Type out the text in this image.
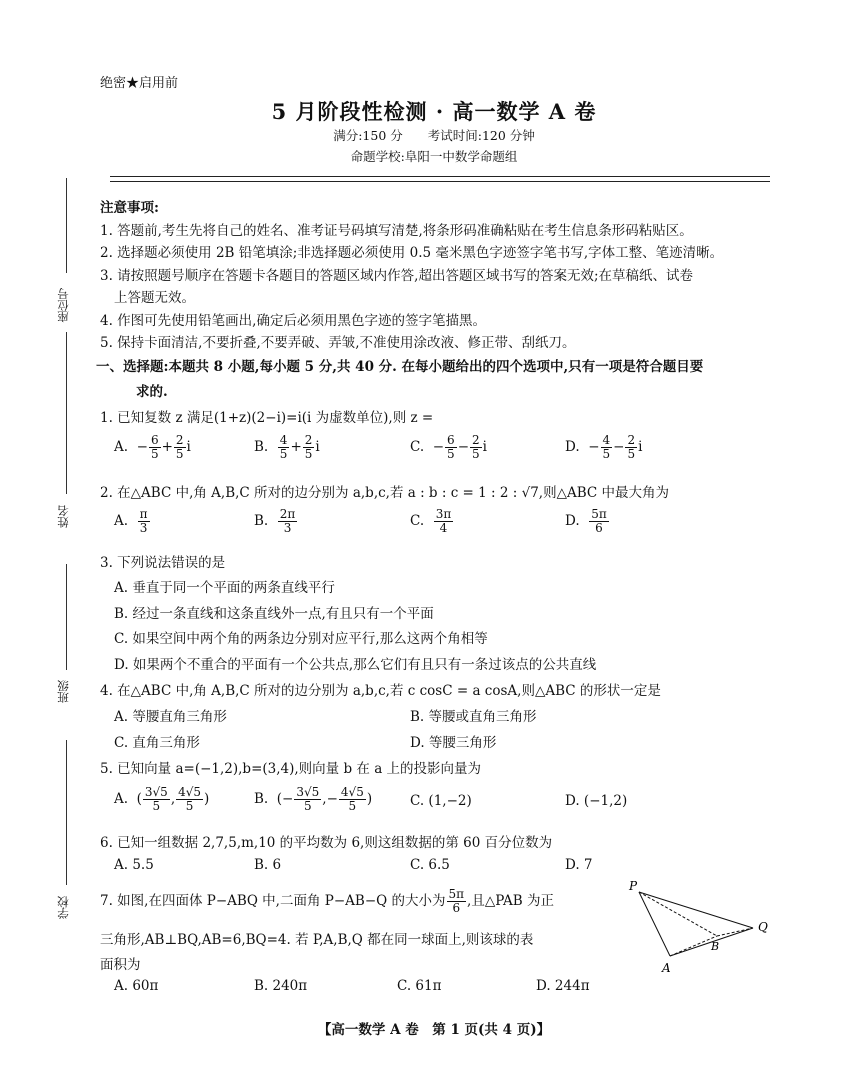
绝密★启用前
5 月阶段性检测 · 高一数学 A 卷
满分:150 分　　考试时间:120 分钟
命题学校:阜阳一中数学命题组
座位号
姓名
班级
学校
注意事项:
1. 答题前,考生先将自己的姓名、准考证号码填写清楚,将条形码准确粘贴在考生信息条形码粘贴区。
2. 选择题必须使用 2B 铅笔填涂;非选择题必须使用 0.5 毫米黑色字迹签字笔书写,字体工整、笔迹清晰。
3. 请按照题号顺序在答题卡各题目的答题区域内作答,超出答题区域书写的答案无效;在草稿纸、试卷
上答题无效。
4. 作图可先使用铅笔画出,确定后必须用黑色字迹的签字笔描黑。
5. 保持卡面清洁,不要折叠,不要弄破、弄皱,不准使用涂改液、修正带、刮纸刀。
一、选择题:本题共 8 小题,每小题 5 分,共 40 分. 在每小题给出的四个选项中,只有一项是符合题目要
求的.
1. 已知复数 z 满足(1+z)(2−i)=i(i 为虚数单位),则 z =
A.  − $\frac{6}{5} + \frac{2}{5}$ i	B. $\frac{4}{5} + \frac{2}{5}$ i	C.  − $\frac{6}{5} - \frac{2}{5}$ i	D.  − $\frac{4}{5} - \frac{2}{5}$ i
2. 在△ABC 中,角 A,B,C 所对的边分别为 a,b,c,若 a : b : c = 1 : 2 : √7,则△ABC 中最大角为
A. $\frac{\pi}{3}$	B. $\frac{2\pi}{3}$	C. $\frac{3\pi}{4}$	D. $\frac{5\pi}{6}$
3. 下列说法错误的是
A. 垂直于同一个平面的两条直线平行
B. 经过一条直线和这条直线外一点,有且只有一个平面
C. 如果空间中两个角的两条边分别对应平行,那么这两个角相等
D. 如果两个不重合的平面有一个公共点,那么它们有且只有一条过该点的公共直线
4. 在△ABC 中,角 A,B,C 所对的边分别为 a,b,c,若 c cosC = a cosA,则△ABC 的形状一定是
A. 等腰直角三角形	B. 等腰或直角三角形
C. 直角三角形	D. 等腰三角形
5. 已知向量 a=(−1,2),b=(3,4),则向量 b 在 a 上的投影向量为
A.  ( $\frac{3√5}{5}$ , $\frac{4√5}{5}$ )	B.  (− $\frac{3√5}{5}$ ,− $\frac{4√5}{5}$ )	C. (1,−2)	D. (−1,2)
6. 已知一组数据 2,7,5,m,10 的平均数为 6,则这组数据的第 60 百分位数为
A. 5.5	B. 6	C. 6.5	D. 7
7. 如图,在四面体 P−ABQ 中,二面角 P−AB−Q 的大小为 $\frac{5\pi}{6}$ ,且△PAB 为正
三角形,AB⊥BQ,AB=6,BQ=4. 若 P,A,B,Q 都在同一球面上,则该球的表
面积为
A. 60π	B. 240π	C. 61π	D. 244π
P
Q
B
A
【高一数学 A 卷　第 1 页(共 4 页)】
